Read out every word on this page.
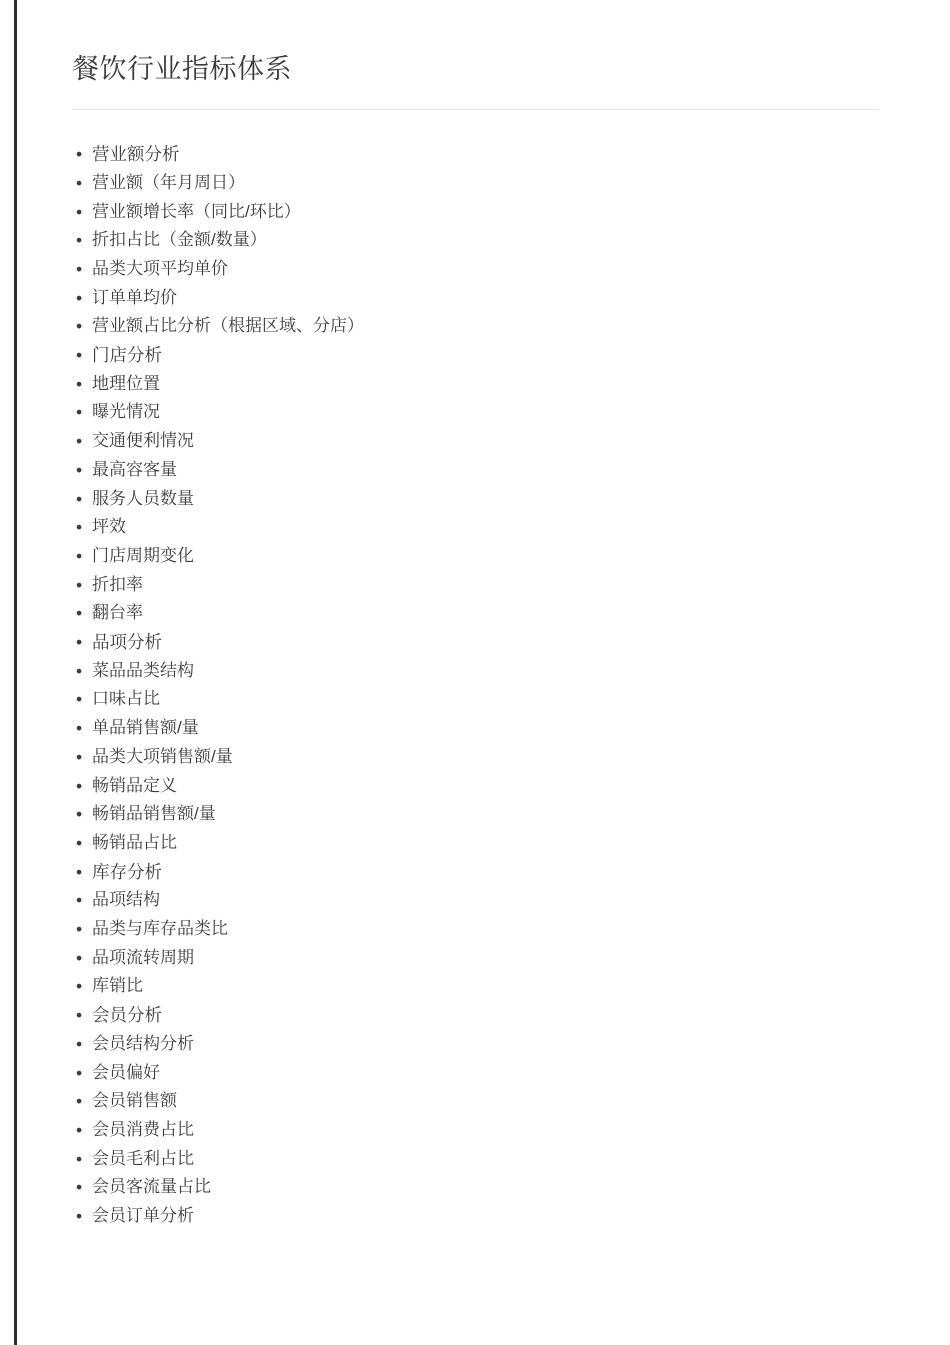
餐饮行业指标体系
• 营业额分析
• 营业额（年月周日）
• 营业额增长率（同比/环比）
• 折扣占比（金额/数量）
• 品类大项平均单价
• 订单单均价
• 营业额占比分析（根据区域、分店）
• 门店分析
• 地理位置
• 曝光情况
• 交通便利情况
• 最高容客量
• 服务人员数量
• 坪效
• 门店周期变化
• 折扣率
• 翻台率
• 品项分析
• 菜品品类结构
• 口味占比
• 单品销售额/量
• 品类大项销售额/量
• 畅销品定义
• 畅销品销售额/量
• 畅销品占比
• 库存分析
• 品项结构
• 品类与库存品类比
• 品项流转周期
• 库销比
• 会员分析
• 会员结构分析
• 会员偏好
• 会员销售额
• 会员消费占比
• 会员毛利占比
• 会员客流量占比
• 会员订单分析
